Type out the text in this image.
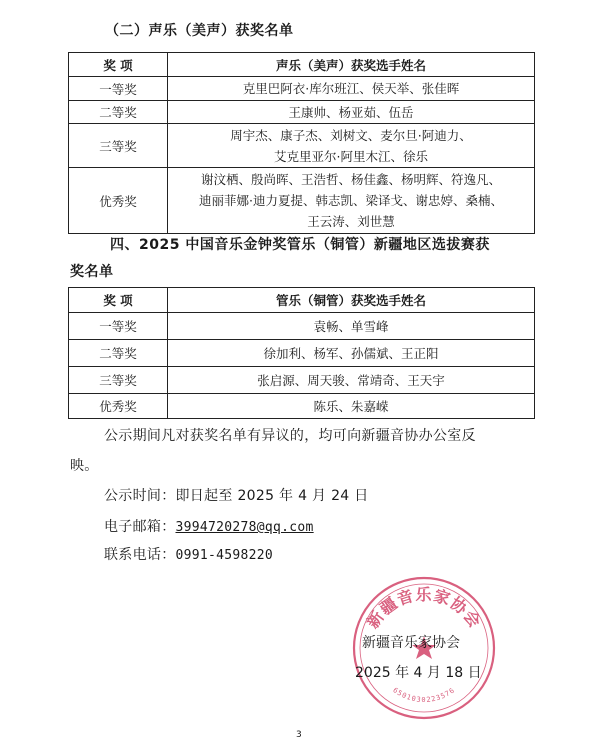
（二）声乐（美声）获奖名单
奖 项	声乐（美声）获奖选手姓名
一等奖	克里巴阿衣·库尔班江、侯天举、张佳晖

二等奖	王康帅、杨亚茹、伍岳

三等奖	周宇杰、康子杰、刘树文、麦尔旦·阿迪力、
艾克里亚尔·阿里木江、徐乐

优秀奖	谢汶栖、殷尚晖、王浩哲、杨佳鑫、杨明辉、符逸凡、
迪丽菲娜·迪力夏提、韩志凯、梁译戈、谢忠婷、桑楠、
王云涛、刘世慧
四、2025 中国音乐金钟奖管乐（铜管）新疆地区选拔赛获
奖名单
奖 项	管乐（铜管）获奖选手姓名
一等奖	袁畅、单雪峰

二等奖	徐加利、杨军、孙儒斌、王正阳

三等奖	张启源、周天骏、常靖奇、王天宇

优秀奖	陈乐、朱嘉嵘
公示期间凡对获奖名单有异议的，均可向新疆音协办公室反
映。
公示时间：即日起至 2025 年 4 月 24 日
电子邮箱：3994720278@qq.com
联系电话：0991-4598220
新疆音乐家协会
6501030223576
新疆音乐家协会
2025 年 4 月 18 日
3
